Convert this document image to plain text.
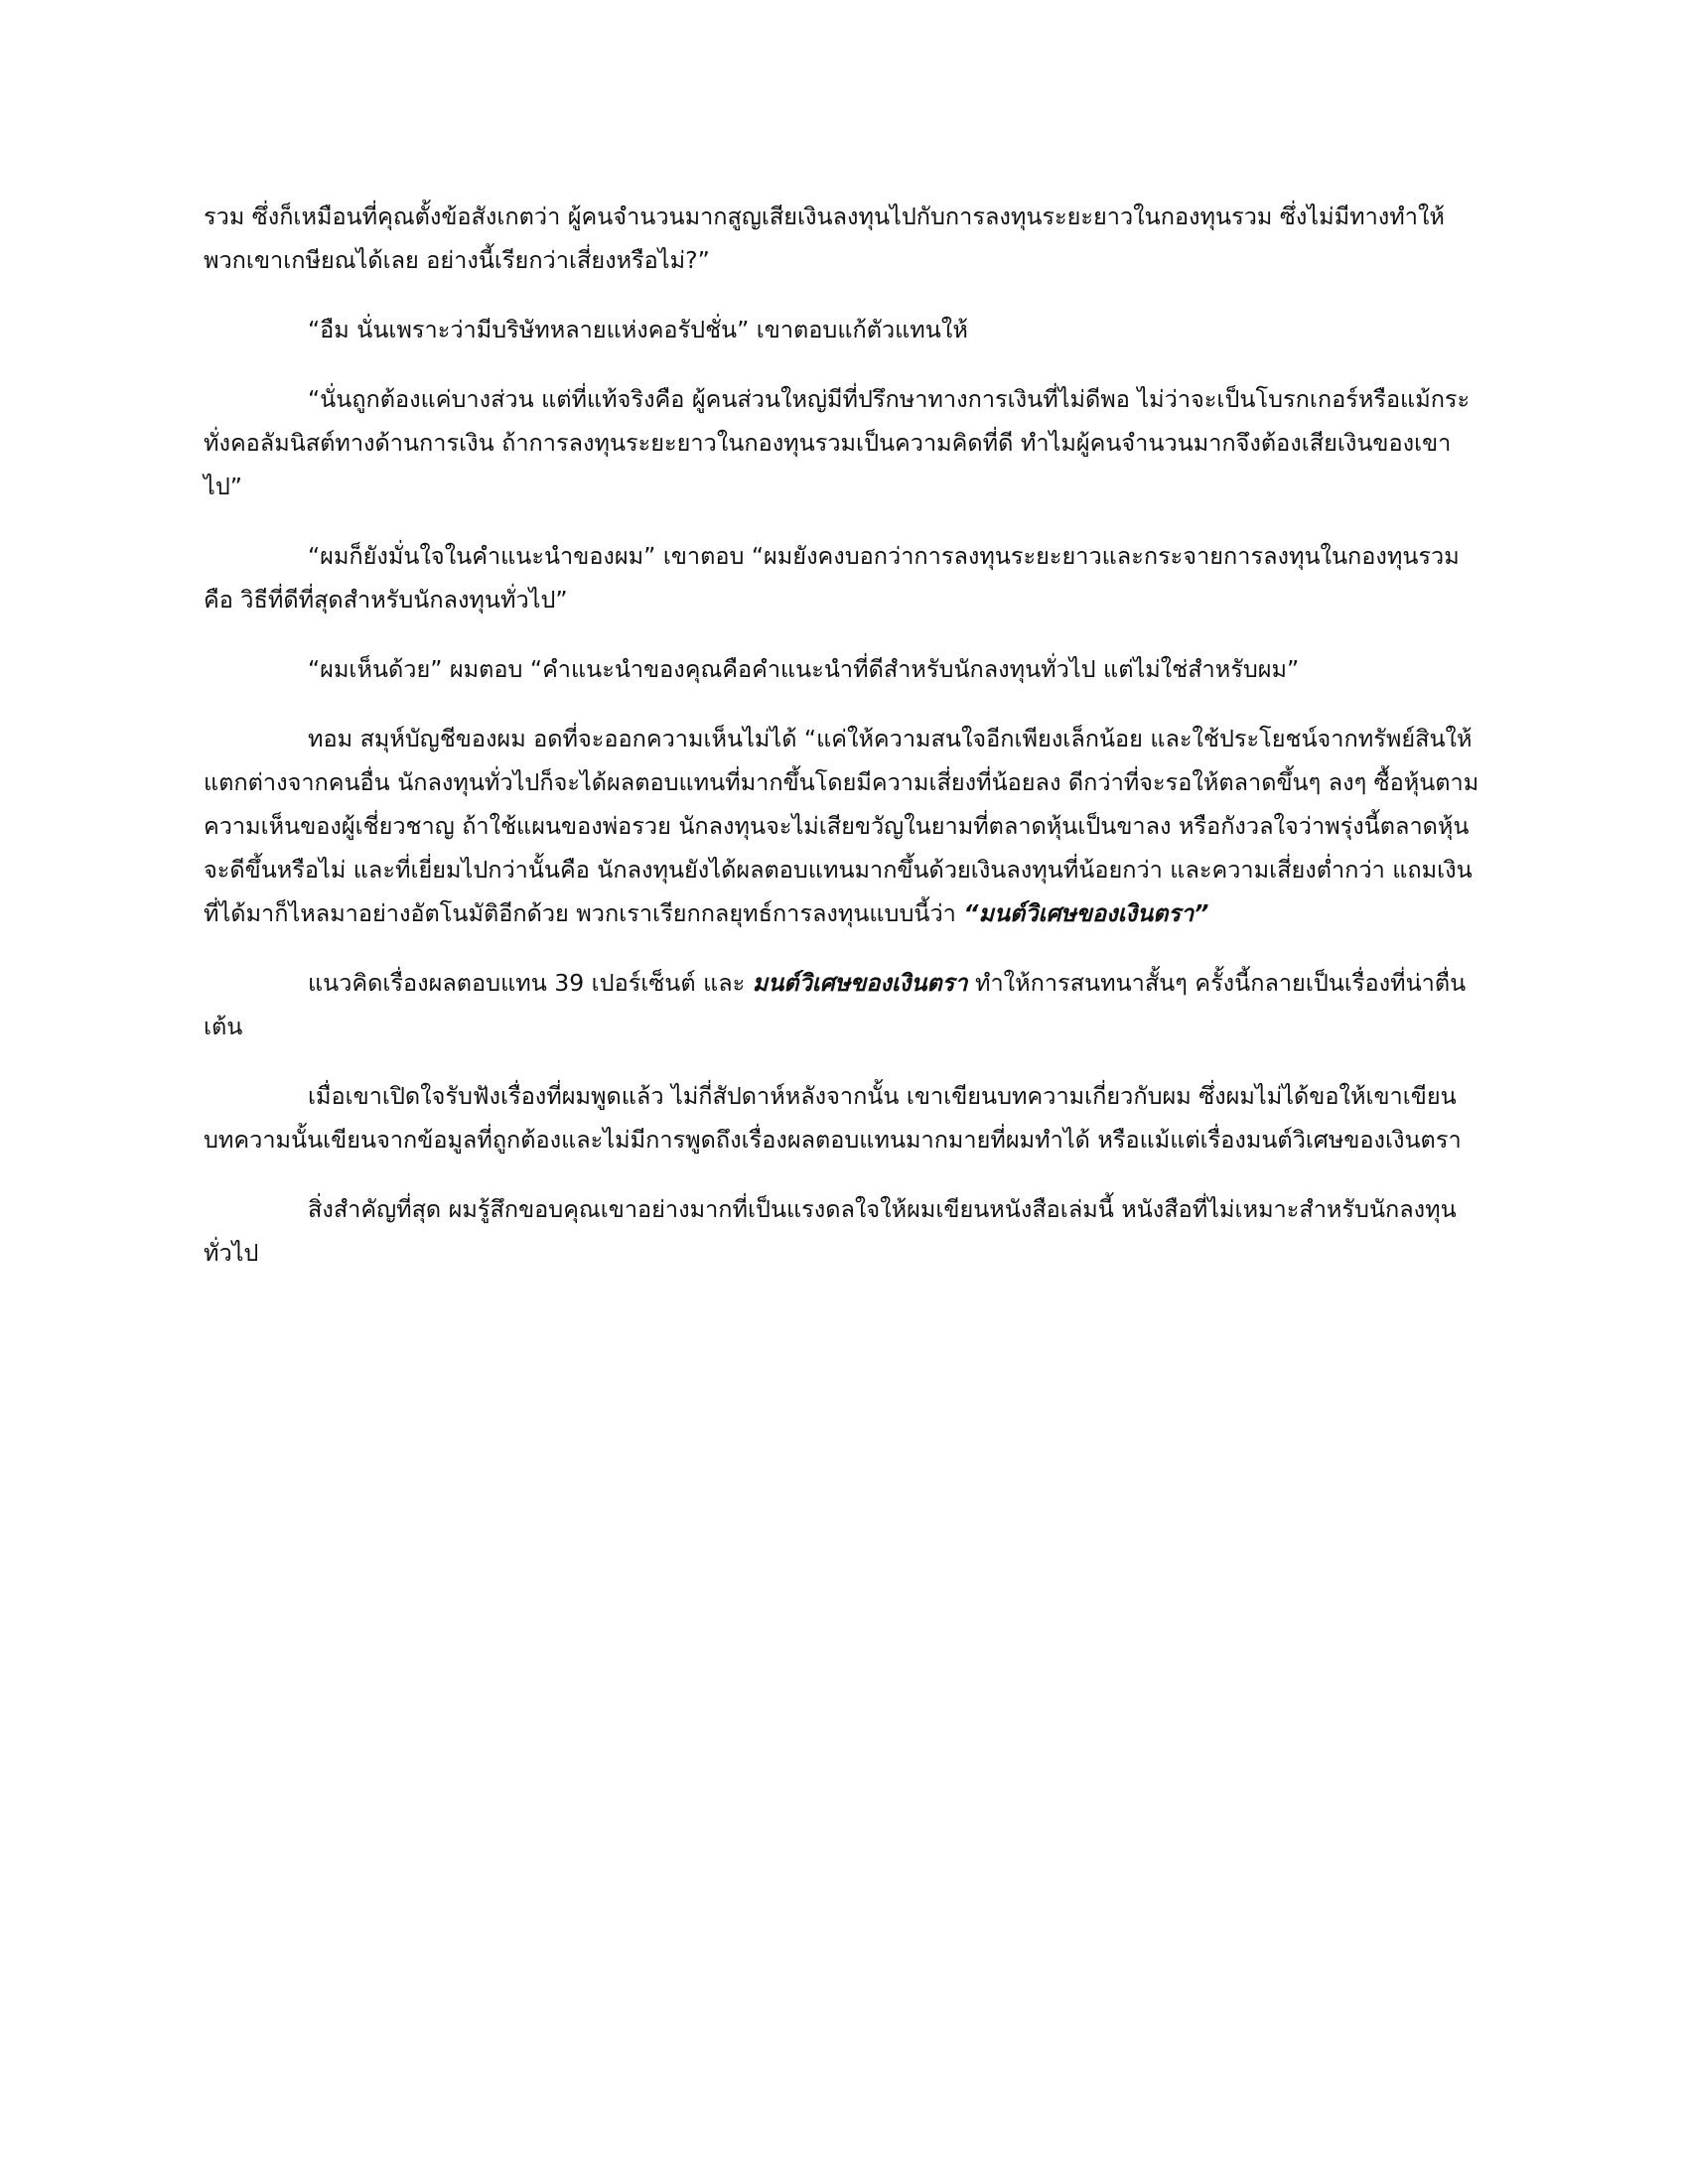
รวม ซึ่งก็เหมือนที่คุณตั้งข้อสังเกตว่า ผู้คนจำนวนมากสูญเสียเงินลงทุนไปกับการลงทุนระยะยาวในกองทุนรวม ซึ่งไม่มีทางทำให้พวกเขาเกษียณได้เลย อย่างนี้เรียกว่าเสี่ยงหรือไม่?”

“อืม นั่นเพราะว่ามีบริษัทหลายแห่งคอรัปชั่น” เขาตอบแก้ตัวแทนให้

“นั่นถูกต้องแค่บางส่วน แต่ที่แท้จริงคือ ผู้คนส่วนใหญ่มีที่ปรึกษาทางการเงินที่ไม่ดีพอ ไม่ว่าจะเป็นโบรกเกอร์หรือแม้กระทั่งคอลัมนิสต์ทางด้านการเงิน ถ้าการลงทุนระยะยาวในกองทุนรวมเป็นความคิดที่ดี ทำไมผู้คนจำนวนมากจึงต้องเสียเงินของเขาไป”

“ผมก็ยังมั่นใจในคำแนะนำของผม” เขาตอบ “ผมยังคงบอกว่าการลงทุนระยะยาวและกระจายการลงทุนในกองทุนรวมคือ วิธีที่ดีที่สุดสำหรับนักลงทุนทั่วไป”

“ผมเห็นด้วย” ผมตอบ “คำแนะนำของคุณคือคำแนะนำที่ดีสำหรับนักลงทุนทั่วไป แต่ไม่ใช่สำหรับผม”

ทอม สมุห์บัญชีของผม อดที่จะออกความเห็นไม่ได้ “แค่ให้ความสนใจอีกเพียงเล็กน้อย และใช้ประโยชน์จากทรัพย์สินให้แตกต่างจากคนอื่น นักลงทุนทั่วไปก็จะได้ผลตอบแทนที่มากขึ้นโดยมีความเสี่ยงที่น้อยลง ดีกว่าที่จะรอให้ตลาดขึ้นๆ ลงๆ ซื้อหุ้นตามความเห็นของผู้เชี่ยวชาญ ถ้าใช้แผนของพ่อรวย นักลงทุนจะไม่เสียขวัญในยามที่ตลาดหุ้นเป็นขาลง หรือกังวลใจว่าพรุ่งนี้ตลาดหุ้นจะดีขึ้นหรือไม่ และที่เยี่ยมไปกว่านั้นคือ นักลงทุนยังได้ผลตอบแทนมากขึ้นด้วยเงินลงทุนที่น้อยกว่า และความเสี่ยงต่ำกว่า แถมเงินที่ได้มาก็ไหลมาอย่างอัตโนมัติอีกด้วย พวกเราเรียกกลยุทธ์การลงทุนแบบนี้ว่า “มนต์วิเศษของเงินตรา”

แนวคิดเรื่องผลตอบแทน 39 เปอร์เซ็นต์ และ มนต์วิเศษของเงินตรา ทำให้การสนทนาสั้นๆ ครั้งนี้กลายเป็นเรื่องที่น่าตื่นเต้น

เมื่อเขาเปิดใจรับฟังเรื่องที่ผมพูดแล้ว ไม่กี่สัปดาห์หลังจากนั้น เขาเขียนบทความเกี่ยวกับผม ซึ่งผมไม่ได้ขอให้เขาเขียน บทความนั้นเขียนจากข้อมูลที่ถูกต้องและไม่มีการพูดถึงเรื่องผลตอบแทนมากมายที่ผมทำได้ หรือแม้แต่เรื่องมนต์วิเศษของเงินตรา

สิ่งสำคัญที่สุด ผมรู้สึกขอบคุณเขาอย่างมากที่เป็นแรงดลใจให้ผมเขียนหนังสือเล่มนี้ หนังสือที่ไม่เหมาะสำหรับนักลงทุนทั่วไป
